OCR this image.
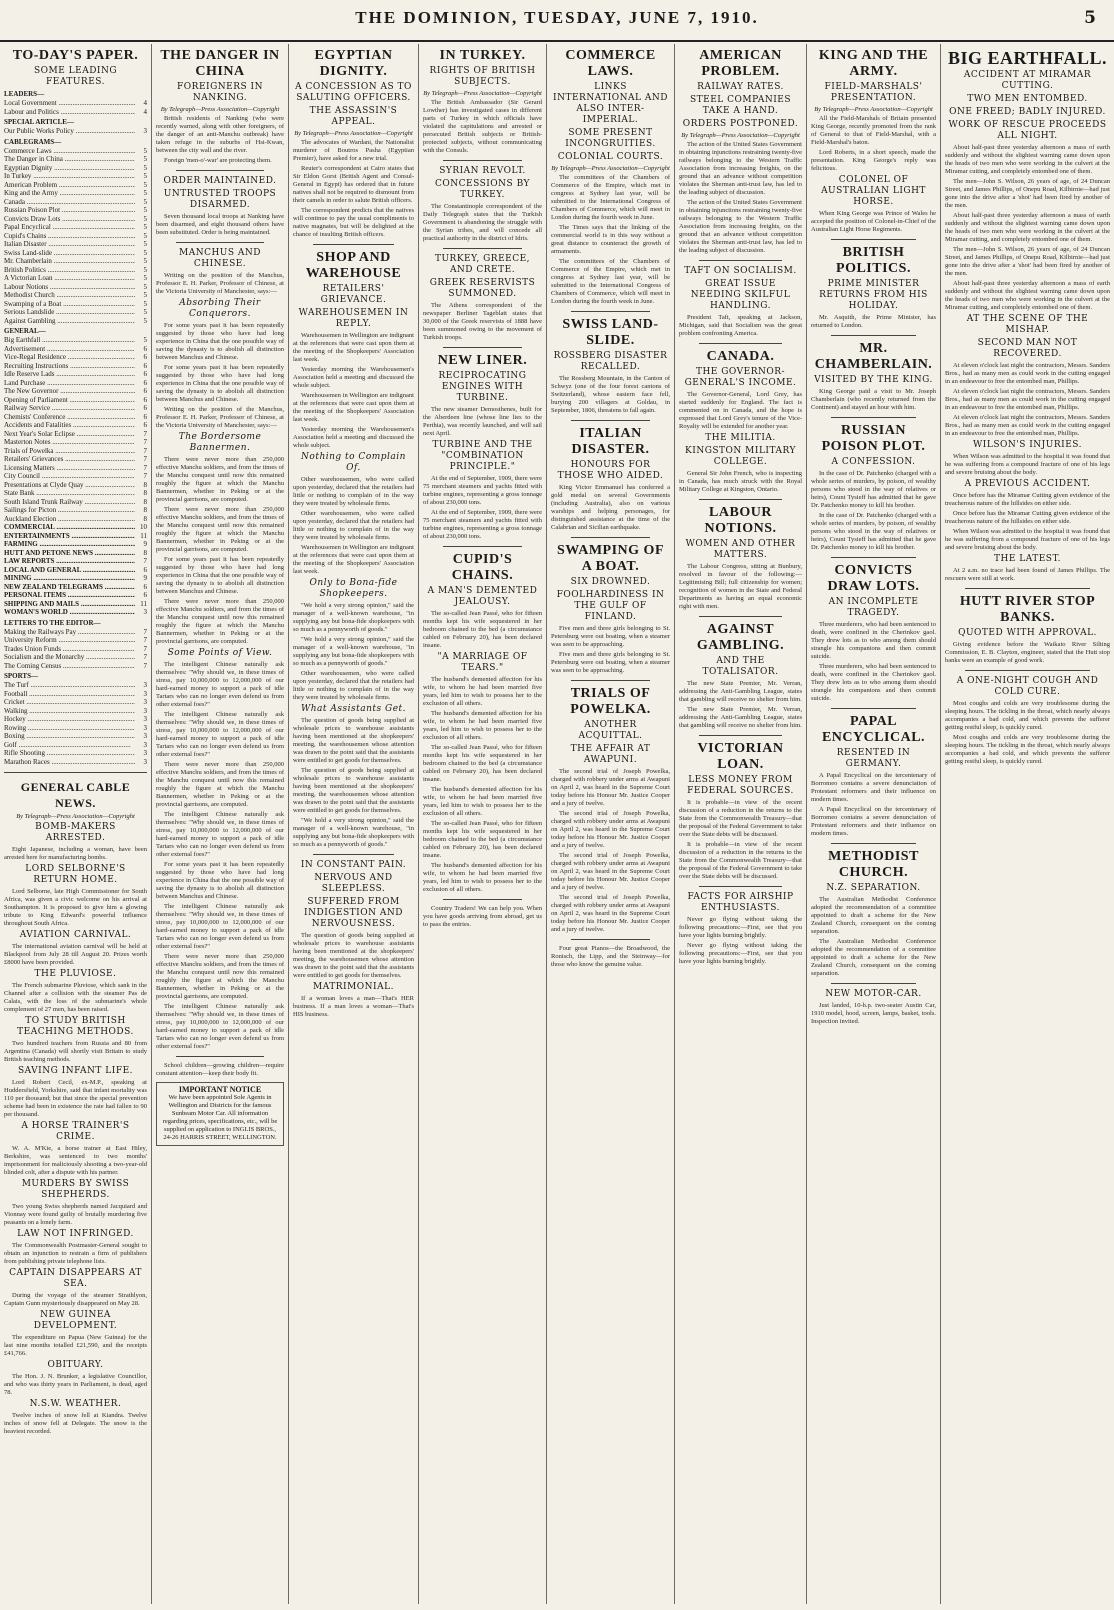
THE DOMINION, TUESDAY, JUNE 7, 1910.	5
TO-DAY'S PAPER.
SOME LEADING FEATURES.
LEADERS—
Local Government .....	4
Labour and Politics .....	4
SPECIAL ARTICLE—
Our Public Works Policy .....	3
CABLEGRAMS—
Commerce Laws .....	5
The Danger in China .....	5
Egyptian Dignity .....	5
In Turkey .....	5
American Problem .....	5
King and the Army .....	5
Canada .....	5
Russian Poison Plot .....	5
Convicts Draw Lots .....	5
Papal Encyclical .....	5
Cupid's Chains .....	5
Italian Disaster .....	5
Swiss Land-slide .....	5
Mr. Chamberlain .....	5
British Politics .....	5
A Victorian Loan .....	5
Labour Notions .....	5
Methodist Church .....	5
Swamping of a Boat .....	5
Serious Landslide .....	5
Against Gambling .....	5
GENERAL—
Big Earthfall .....	5
Advertisement .....	6
Vice-Regal Residence .....	6
Recruiting Instructions .....	6
Idle Reserve Lads .....	6
Land Purchase .....	6
The New Governor .....	6
Opening of Parliament .....	6
Railway Service .....	6
Chemists' Conference .....	6
Accidents and Fatalities .....	6
Next Year's Solar Eclipse .....	7
Masterton Notes .....	7
Trials of Powelka .....	7
Retailers' Grievances .....	7
Licensing Matters .....	7
City Council .....	7
Presentations at Clyde Quay .....	8
State Bank .....	8
South Island Trunk Railway .....	8
Sailings for Picton .....	8
Auckland Election .....	8
COMMERCIAL .....	10
ENTERTAINMENTS .....	11
FARMING .....	9
HUTT AND PETONE NEWS .....	8
LAW REPORTS .....	7
LOCAL AND GENERAL .....	6
MINING .....	9
NEW ZEALAND TELEGRAMS .....	6
PERSONAL ITEMS .....	6
SHIPPING AND MAILS .....	11
WOMAN'S WORLD .....	3
LETTERS TO THE EDITOR—
Making the Railways Pay .....	7
University Reform .....	7
Trades Union Funds .....	7
Socialism and the Monarchy .....	7
The Coming Census .....	7
SPORTS—
The Turf .....	3
Football .....	3
Cricket .....	3
Walking .....	3
Hockey .....	3
Rowing .....	3
Boxing .....	3
Golf .....	3
Rifle Shooting .....	3
Marathon Races .....	3
GENERAL CABLE NEWS.
By Telegraph—Press Association—Copyright
BOMB-MAKERS ARRESTED.

Eight Japanese, including a woman, have been arrested here for manufacturing bombs.

LORD SELBORNE'S RETURN HOME.

Lord Selborne, late High Commissioner for South Africa, was given a civic welcome on his arrival at Southampton. It is proposed to give him a glowing tribute to King Edward's powerful influence throughout South Africa.

AVIATION CARNIVAL.

The international aviation carnival will be held at Blackpool from July 28 till August 20. Prizes worth £8000 have been provided.

THE PLUVIOSE.

The French submarine Pluviose, which sank in the Channel after a collision with the steamer Pas de Calais, with the loss of the submarine's whole complement of 27 men, has been raised.

TO STUDY BRITISH TEACHING METHODS.

Two hundred teachers from Russia and 80 from Argentina (Canada) will shortly visit Britain to study British teaching methods.

SAVING INFANT LIFE.

Lord Robert Cecil, ex-M.P., speaking at Huddersfield, Yorkshire, said that infant mortality was 110 per thousand; but that since the special prevention scheme had been in existence the rate had fallen to 90 per thousand.

A HORSE TRAINER'S CRIME.

W. A. M'Kie, a horse trainer at East Hiley, Berkshire, was sentenced to two months' imprisonment for maliciously shooting a two-year-old blinded colt, after a dispute with his partner.

MURDERS BY SWISS SHEPHERDS.

Two young Swiss shepherds named Jacquiard and Vionnay were found guilty of brutally murdering five peasants on a lonely farm.

LAW NOT INFRINGED.

The Commonwealth Postmaster-General sought to obtain an injunction to restrain a firm of publishers from publishing private telephone lists.

CAPTAIN DISAPPEARS AT SEA.

During the voyage of the steamer Strathlyon, Captain Gunn mysteriously disappeared on May 28.

NEW GUINEA DEVELOPMENT.

The expenditure on Papua (New Guinea) for the last nine months totalled £21,590, and the receipts £41,766.

OBITUARY.

The Hon. J. N. Brunker, a legislative Councillor, and who was thirty years in Parliament, is dead, aged 78.

N.S.W. WEATHER.

Twelve inches of snow fell at Kiandra. Twelve inches of snow fell at Delegate. The snow is the heaviest recorded.

THE DANGER IN CHINA
FOREIGNERS IN NANKING.
By Telegraph—Press Association—Copyright

British residents of Nanking (who were recently warned, along with other foreigners, of the danger of an anti-Manchu outbreak) have taken refuge in the suburbs of Hsi-Kwan, between the city wall and the river.

Foreign 'men-o'-war' are protecting them.

ORDER MAINTAINED.
UNTRUSTED TROOPS DISARMED.

Seven thousand local troops at Nanking have been disarmed, and eight thousand others have been substituted. Order is being maintained.

MANCHUS AND CHINESE.

Writing on the position of the Manchus, Professor E. H. Parker, Professor of Chinese, at the Victoria University of Manchester, says:—

Absorbing Their Conquerors.

For some years past it has been repeatedly suggested by those who have had long experience in China that the one possible way of saving the dynasty is to abolish all distinction between Manchus and Chinese.

For some years past it has been repeatedly suggested by those who have had long experience in China that the one possible way of saving the dynasty is to abolish all distinction between Manchus and Chinese.

Writing on the position of the Manchus, Professor E. H. Parker, Professor of Chinese, at the Victoria University of Manchester, says:—

The Bordersome Bannermen.

There were never more than 250,000 effective Manchu soldiers, and from the times of the Manchu conquest until now this remained roughly the figure at which the Manchu Bannermen, whether in Peking or at the provincial garrisons, are computed.

There were never more than 250,000 effective Manchu soldiers, and from the times of the Manchu conquest until now this remained roughly the figure at which the Manchu Bannermen, whether in Peking or at the provincial garrisons, are computed.

For some years past it has been repeatedly suggested by those who have had long experience in China that the one possible way of saving the dynasty is to abolish all distinction between Manchus and Chinese.

There were never more than 250,000 effective Manchu soldiers, and from the times of the Manchu conquest until now this remained roughly the figure at which the Manchu Bannermen, whether in Peking or at the provincial garrisons, are computed.

Some Points of View.

The intelligent Chinese naturally ask themselves: "Why should we, in these times of stress, pay 10,000,000 to 12,000,000 of our hard-earned money to support a pack of idle Tartars who can no longer even defend us from other external foes?"

The intelligent Chinese naturally ask themselves: "Why should we, in these times of stress, pay 10,000,000 to 12,000,000 of our hard-earned money to support a pack of idle Tartars who can no longer even defend us from other external foes?"

There were never more than 250,000 effective Manchu soldiers, and from the times of the Manchu conquest until now this remained roughly the figure at which the Manchu Bannermen, whether in Peking or at the provincial garrisons, are computed.

The intelligent Chinese naturally ask themselves: "Why should we, in these times of stress, pay 10,000,000 to 12,000,000 of our hard-earned money to support a pack of idle Tartars who can no longer even defend us from other external foes?"

For some years past it has been repeatedly suggested by those who have had long experience in China that the one possible way of saving the dynasty is to abolish all distinction between Manchus and Chinese.

The intelligent Chinese naturally ask themselves: "Why should we, in these times of stress, pay 10,000,000 to 12,000,000 of our hard-earned money to support a pack of idle Tartars who can no longer even defend us from other external foes?"

There were never more than 250,000 effective Manchu soldiers, and from the times of the Manchu conquest until now this remained roughly the figure at which the Manchu Bannermen, whether in Peking or at the provincial garrisons, are computed.

The intelligent Chinese naturally ask themselves: "Why should we, in these times of stress, pay 10,000,000 to 12,000,000 of our hard-earned money to support a pack of idle Tartars who can no longer even defend us from other external foes?"

School children—growing children—require constant attention—keep their body fit.

IMPORTANT NOTICE
We have been appointed Sole Agents in Wellington and Districts for the famous Sunbeam Motor Car. All information regarding prices, specifications, etc., will be supplied on application to INGLIS BROS., 24-26 HARRIS STREET, WELLINGTON.
EGYPTIAN DIGNITY.
A CONCESSION AS TO SALUTING OFFICERS.
THE ASSASSIN'S APPEAL.
By Telegraph—Press Association—Copyright

The advocates of Wardani, the Nationalist murderer of Boutros Pasha (Egyptian Premier), have asked for a new trial.

Reuter's correspondent at Cairo states that Sir Eldon Gorst (British Agent and Consul-General in Egypt) has ordered that in future natives shall not be required to dismount from their camels in order to salute British officers.

The correspondent predicts that the natives will continue to pay the usual compliments to native magnates, but will be delighted at the chance of insulting British officers.

SHOP AND WAREHOUSE
RETAILERS' GRIEVANCE.
WAREHOUSEMEN IN REPLY.

Warehousemen in Wellington are indignant at the references that were cast upon them at the meeting of the Shopkeepers' Association last week.

Yesterday morning the Warehousemen's Association held a meeting and discussed the whole subject.

Warehousemen in Wellington are indignant at the references that were cast upon them at the meeting of the Shopkeepers' Association last week.

Yesterday morning the Warehousemen's Association held a meeting and discussed the whole subject.

Nothing to Complain Of.

Other warehousemen, who were called upon yesterday, declared that the retailers had little or nothing to complain of in the way they were treated by wholesale firms.

Other warehousemen, who were called upon yesterday, declared that the retailers had little or nothing to complain of in the way they were treated by wholesale firms.

Warehousemen in Wellington are indignant at the references that were cast upon them at the meeting of the Shopkeepers' Association last week.

Only to Bona-fide Shopkeepers.

"We hold a very strong opinion," said the manager of a well-known warehouse, "in supplying any but bona-fide shopkeepers with so much as a pennyworth of goods."

"We hold a very strong opinion," said the manager of a well-known warehouse, "in supplying any but bona-fide shopkeepers with so much as a pennyworth of goods."

Other warehousemen, who were called upon yesterday, declared that the retailers had little or nothing to complain of in the way they were treated by wholesale firms.

What Assistants Get.

The question of goods being supplied at wholesale prices to warehouse assistants having been mentioned at the shopkeepers' meeting, the warehousemen whose attention was drawn to the point said that the assistants were entitled to get goods for themselves.

The question of goods being supplied at wholesale prices to warehouse assistants having been mentioned at the shopkeepers' meeting, the warehousemen whose attention was drawn to the point said that the assistants were entitled to get goods for themselves.

"We hold a very strong opinion," said the manager of a well-known warehouse, "in supplying any but bona-fide shopkeepers with so much as a pennyworth of goods."

IN CONSTANT PAIN.
NERVOUS AND SLEEPLESS.
SUFFERED FROM INDIGESTION AND NERVOUSNESS.

The question of goods being supplied at wholesale prices to warehouse assistants having been mentioned at the shopkeepers' meeting, the warehousemen whose attention was drawn to the point said that the assistants were entitled to get goods for themselves.

MATRIMONIAL.

If a woman loves a man—That's HER business. If a man loves a woman—That's HIS business.

IN TURKEY.
RIGHTS OF BRITISH SUBJECTS.
By Telegraph—Press Association—Copyright

The British Ambassador (Sir Gerard Lowther) has investigated cases in different parts of Turkey in which officials have violated the capitulations and arrested or persecuted British subjects or British-protected subjects, without communicating with the Consuls.

SYRIAN REVOLT.
CONCESSIONS BY TURKEY.

The Constantinople correspondent of the Daily Telegraph states that the Turkish Government is abandoning the struggle with the Syrian tribes, and will concede all practical authority in the district of Idris.

TURKEY, GREECE, AND CRETE.
GREEK RESERVISTS SUMMONED.

The Athens correspondent of the newspaper Berliner Tageblatt states that 30,000 of the Greek reservists of 1888 have been summoned owing to the movement of Turkish troops.

NEW LINER.
RECIPROCATING ENGINES WITH TURBINE.

The new steamer Demosthenes, built for the Aberdeen line (whose line lies to the Perthia), was recently launched, and will sail next April.

TURBINE AND THE "COMBINATION PRINCIPLE."

At the end of September, 1909, there were 75 merchant steamers and yachts fitted with turbine engines, representing a gross tonnage of about 230,000 tons.

At the end of September, 1909, there were 75 merchant steamers and yachts fitted with turbine engines, representing a gross tonnage of about 230,000 tons.

CUPID'S CHAINS.
A MAN'S DEMENTED JEALOUSY.

The so-called Jean Passé, who for fifteen months kept his wife sequestered in her bedroom chained to the bed (a circumstance cabled on February 20), has been declared insane.

"A MARRIAGE OF TEARS."

The husband's demented affection for his wife, to whom he had been married five years, led him to wish to possess her to the exclusion of all others.

The husband's demented affection for his wife, to whom he had been married five years, led him to wish to possess her to the exclusion of all others.

The so-called Jean Passé, who for fifteen months kept his wife sequestered in her bedroom chained to the bed (a circumstance cabled on February 20), has been declared insane.

The husband's demented affection for his wife, to whom he had been married five years, led him to wish to possess her to the exclusion of all others.

The so-called Jean Passé, who for fifteen months kept his wife sequestered in her bedroom chained to the bed (a circumstance cabled on February 20), has been declared insane.

The husband's demented affection for his wife, to whom he had been married five years, led him to wish to possess her to the exclusion of all others.

Country Traders! We can help you. When you have goods arriving from abroad, get us to pass the entries.

COMMERCE LAWS.
LINKS INTERNATIONAL AND ALSO INTER-IMPERIAL.
SOME PRESENT INCONGRUITIES.
COLONIAL COURTS.
By Telegraph—Press Association—Copyright

The committees of the Chambers of Commerce of the Empire, which met in congress at Sydney last year, will be submitted to the International Congress of Chambers of Commerce, which will meet in London during the fourth week in June.

The Times says that the linking of the commercial world is in this way without a great distance to counteract the growth of armaments.

The committees of the Chambers of Commerce of the Empire, which met in congress at Sydney last year, will be submitted to the International Congress of Chambers of Commerce, which will meet in London during the fourth week in June.

SWISS LAND-SLIDE.
ROSSBERG DISASTER RECALLED.

The Rossberg Mountain, in the Canton of Schwyz (one of the four forest cantons of Switzerland), whose eastern face fell, burying 200 villagers at Goldau, in September, 1806, threatens to fall again.

ITALIAN DISASTER.
HONOURS FOR THOSE WHO AIDED.

King Victor Emmanuel has conferred a gold medal on several Governments (including Australia), also on various warships and helping personages, for distinguished assistance at the time of the Calabrian and Sicilian earthquake.

SWAMPING OF A BOAT.
SIX DROWNED.
FOOLHARDINESS IN THE GULF OF FINLAND.

Five men and three girls belonging to St. Petersburg were out boating, when a steamer was seen to be approaching.

Five men and three girls belonging to St. Petersburg were out boating, when a steamer was seen to be approaching.

TRIALS OF POWELKA.
ANOTHER ACQUITTAL.
THE AFFAIR AT AWAPUNI.

The second trial of Joseph Powelka, charged with robbery under arms at Awapuni on April 2, was heard in the Supreme Court today before his Honour Mr. Justice Cooper and a jury of twelve.

The second trial of Joseph Powelka, charged with robbery under arms at Awapuni on April 2, was heard in the Supreme Court today before his Honour Mr. Justice Cooper and a jury of twelve.

The second trial of Joseph Powelka, charged with robbery under arms at Awapuni on April 2, was heard in the Supreme Court today before his Honour Mr. Justice Cooper and a jury of twelve.

The second trial of Joseph Powelka, charged with robbery under arms at Awapuni on April 2, was heard in the Supreme Court today before his Honour Mr. Justice Cooper and a jury of twelve.

Four great Pianos—the Broadwood, the Ronisch, the Lipp, and the Steinway—for those who know the genuine value.

AMERICAN PROBLEM.
RAILWAY RATES.
STEEL COMPANIES TAKE A HAND.
ORDERS POSTPONED.
By Telegraph—Press Association—Copyright

The action of the United States Government in obtaining injunctions restraining twenty-five railways belonging to the Western Traffic Association from increasing freights, on the ground that an advance without competition violates the Sherman anti-trust law, has led to the leading subject of discussion.

The action of the United States Government in obtaining injunctions restraining twenty-five railways belonging to the Western Traffic Association from increasing freights, on the ground that an advance without competition violates the Sherman anti-trust law, has led to the leading subject of discussion.

TAFT ON SOCIALISM.
GREAT ISSUE NEEDING SKILFUL HANDLING.

President Taft, speaking at Jackson, Michigan, said that Socialism was the great problem confronting America.

CANADA.
THE GOVERNOR-GENERAL'S INCOME.

The Governor-General, Lord Grey, has started suddenly for England. The fact is commented on in Canada, and the hope is expressed that Lord Grey's tenure of the Vice-Royalty will be extended for another year.

THE MILITIA.
KINGSTON MILITARY COLLEGE.

General Sir John French, who is inspecting in Canada, has much struck with the Royal Military College at Kingston, Ontario.

LABOUR NOTIONS.
WOMEN AND OTHER MATTERS.

The Labour Congress, sitting at Bunbury, resolved in favour of the following:— Legitimising Bill; full citizenship for women; recognition of women in the State and Federal Departments as having an equal economic right with men.

AGAINST GAMBLING.
AND THE TOTALISATOR.

The new State Premier, Mr. Verran, addressing the Anti-Gambling League, states that gambling will receive no shelter from him.

The new State Premier, Mr. Verran, addressing the Anti-Gambling League, states that gambling will receive no shelter from him.

VICTORIAN LOAN.
LESS MONEY FROM FEDERAL SOURCES.

It is probable—in view of the recent discussion of a reduction in the returns to the State from the Commonwealth Treasury—that the proposal of the Federal Government to take over the State debts will be discussed.

It is probable—in view of the recent discussion of a reduction in the returns to the State from the Commonwealth Treasury—that the proposal of the Federal Government to take over the State debts will be discussed.

FACTS FOR AIRSHIP ENTHUSIASTS.

Never go flying without taking the following precautions:—First, see that you have your lights burning brightly.

Never go flying without taking the following precautions:—First, see that you have your lights burning brightly.

KING AND THE ARMY.
FIELD-MARSHALS' PRESENTATION.
By Telegraph—Press Association—Copyright

All the Field-Marshals of Britain presented King George, recently promoted from the rank of General to that of Field-Marshal, with a Field-Marshal's baton.

Lord Roberts, in a short speech, made the presentation. King George's reply was felicitous.

COLONEL OF AUSTRALIAN LIGHT HORSE.

When King George was Prince of Wales he accepted the position of Colonel-in-Chief of the Australian Light Horse Regiments.

BRITISH POLITICS.
PRIME MINISTER RETURNS FROM HIS HOLIDAY.

Mr. Asquith, the Prime Minister, has returned to London.

MR. CHAMBERLAIN.
VISITED BY THE KING.

King George paid a visit to Mr. Joseph Chamberlain (who recently returned from the Continent) and stayed an hour with him.

RUSSIAN POISON PLOT.
A CONFESSION.

In the case of Dr. Patchenko (charged with a whole series of murders, by poison, of wealthy persons who stood in the way of relatives or heirs), Count Tysieff has admitted that he gave Dr. Patchenko money to kill his brother.

In the case of Dr. Patchenko (charged with a whole series of murders, by poison, of wealthy persons who stood in the way of relatives or heirs), Count Tysieff has admitted that he gave Dr. Patchenko money to kill his brother.

CONVICTS DRAW LOTS.
AN INCOMPLETE TRAGEDY.

Three murderers, who had been sentenced to death, were confined in the Cherinkov gaol. They drew lots as to who among them should strangle his companions and then commit suicide.

Three murderers, who had been sentenced to death, were confined in the Cherinkov gaol. They drew lots as to who among them should strangle his companions and then commit suicide.

PAPAL ENCYCLICAL.
RESENTED IN GERMANY.

A Papal Encyclical on the tercentenary of Borromeo contains a severe denunciation of Protestant reformers and their influence on modern times.

A Papal Encyclical on the tercentenary of Borromeo contains a severe denunciation of Protestant reformers and their influence on modern times.

METHODIST CHURCH.
N.Z. SEPARATION.

The Australian Methodist Conference adopted the recommendation of a committee appointed to draft a scheme for the New Zealand Church, consequent on the coming separation.

The Australian Methodist Conference adopted the recommendation of a committee appointed to draft a scheme for the New Zealand Church, consequent on the coming separation.

NEW MOTOR-CAR.

Just landed, 10-h.p. two-seater Austin Car, 1910 model, hood, screen, lamps, basket, tools. Inspection invited.

BIG EARTHFALL.
ACCIDENT AT MIRAMAR CUTTING.
TWO MEN ENTOMBED.
ONE FREED; BADLY INJURED.
WORK OF RESCUE PROCEEDS ALL NIGHT.

About half-past three yesterday afternoon a mass of earth suddenly and without the slightest warning came down upon the heads of two men who were working in the culvert at the Miramar cutting, and completely entombed one of them.

The men—John S. Wilson, 26 years of age, of 24 Duncan Street, and James Phillips, of Onepu Road, Kilbirnie—had just gone into the drive after a 'shot' had been fired by another of the men.

About half-past three yesterday afternoon a mass of earth suddenly and without the slightest warning came down upon the heads of two men who were working in the culvert at the Miramar cutting, and completely entombed one of them.

The men—John S. Wilson, 26 years of age, of 24 Duncan Street, and James Phillips, of Onepu Road, Kilbirnie—had just gone into the drive after a 'shot' had been fired by another of the men.

About half-past three yesterday afternoon a mass of earth suddenly and without the slightest warning came down upon the heads of two men who were working in the culvert at the Miramar cutting, and completely entombed one of them.

AT THE SCENE OF THE MISHAP.
SECOND MAN NOT RECOVERED.

At eleven o'clock last night the contractors, Messrs. Sanders Bros., had as many men as could work in the cutting engaged in an endeavour to free the entombed man, Phillips.

At eleven o'clock last night the contractors, Messrs. Sanders Bros., had as many men as could work in the cutting engaged in an endeavour to free the entombed man, Phillips.

At eleven o'clock last night the contractors, Messrs. Sanders Bros., had as many men as could work in the cutting engaged in an endeavour to free the entombed man, Phillips.

WILSON'S INJURIES.

When Wilson was admitted to the hospital it was found that he was suffering from a compound fracture of one of his legs and severe bruising about the body.

A PREVIOUS ACCIDENT.

Once before has the Miramar Cutting given evidence of the treacherous nature of the hillsides on either side.

Once before has the Miramar Cutting given evidence of the treacherous nature of the hillsides on either side.

When Wilson was admitted to the hospital it was found that he was suffering from a compound fracture of one of his legs and severe bruising about the body.

THE LATEST.

At 2 a.m. no trace had been found of James Phillips. The rescuers were still at work.

HUTT RIVER STOP BANKS.
QUOTED WITH APPROVAL.

Giving evidence before the Waikato River Silting Commission, E. B. Clayton, engineer, stated that the Hutt stop banks were an example of good work.

A ONE-NIGHT COUGH AND COLD CURE.

Most coughs and colds are very troublesome during the sleeping hours. The tickling in the throat, which nearly always accompanies a bad cold, and which prevents the sufferer getting restful sleep, is quickly cured.

Most coughs and colds are very troublesome during the sleeping hours. The tickling in the throat, which nearly always accompanies a bad cold, and which prevents the sufferer getting restful sleep, is quickly cured.
